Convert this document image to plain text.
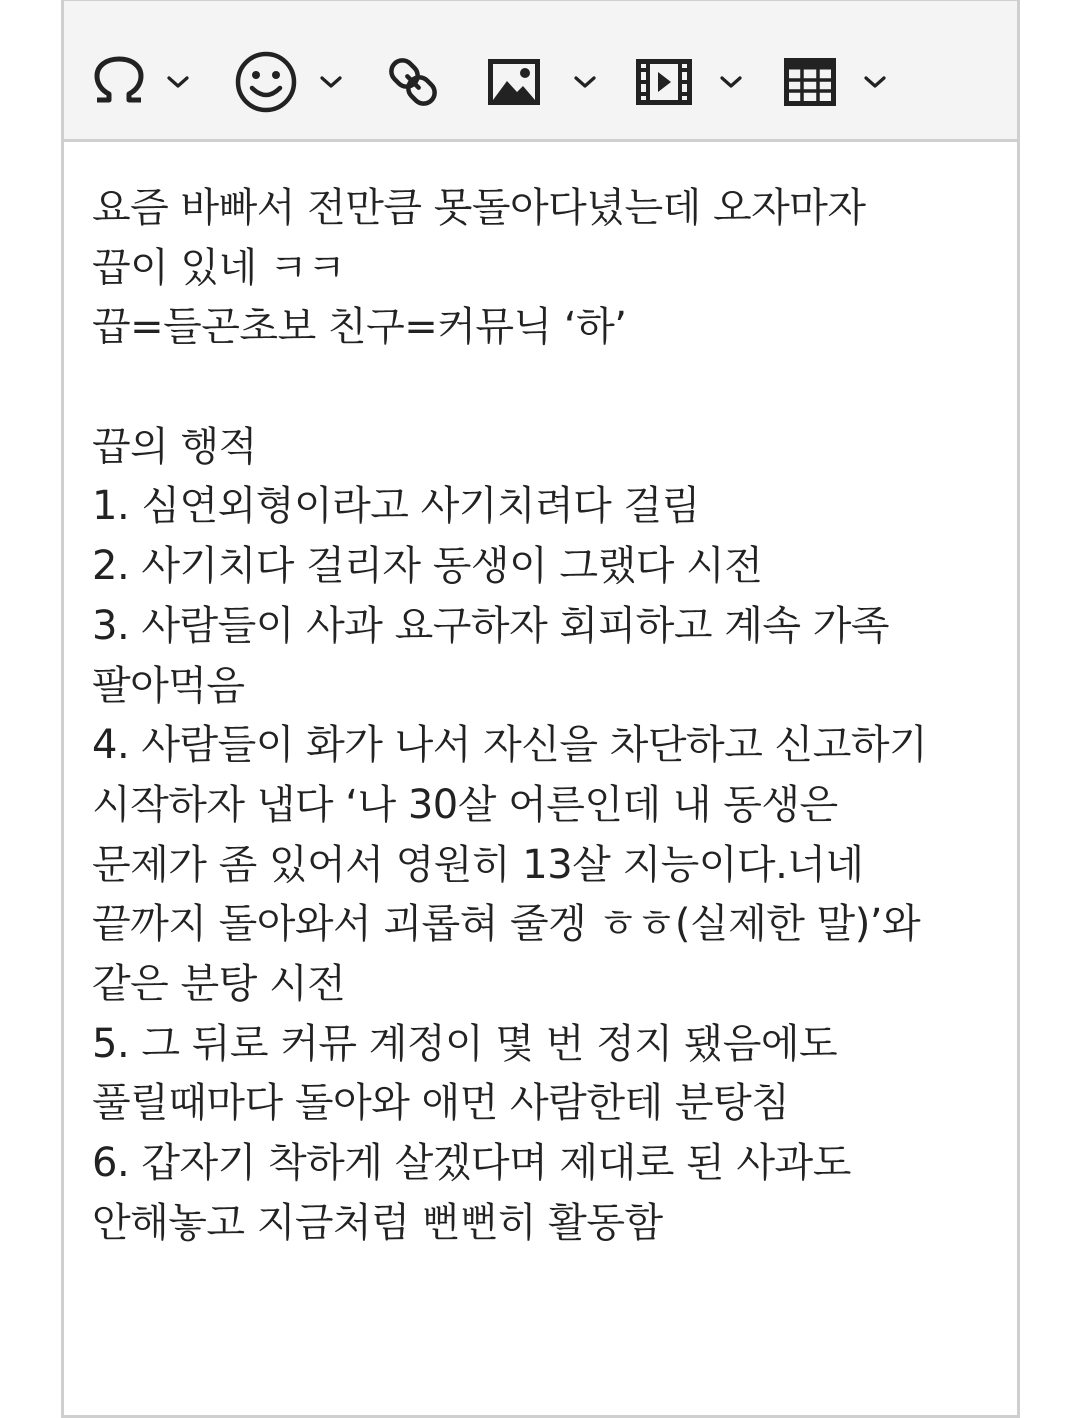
요즘 바빠서 전만큼 못돌아다녔는데 오자마자
끕이 있네 ㅋㅋ
끕=들곤초보 친구=커뮤닉 ‘하’
끕의 행적
1. 심연외형이라고 사기치려다 걸림
2. 사기치다 걸리자 동생이 그랬다 시전
3. 사람들이 사과 요구하자 회피하고 계속 가족
팔아먹음
4. 사람들이 화가 나서 자신을 차단하고 신고하기
시작하자 냅다 ‘나 30살 어른인데 내 동생은
문제가 좀 있어서 영원히 13살 지능이다.너네
끝까지 돌아와서 괴롭혀 줄겡 ㅎㅎ(실제한 말)’와
같은 분탕 시전
5. 그 뒤로 커뮤 계정이 몇 번 정지 됐음에도
풀릴때마다 돌아와 애먼 사람한테 분탕침
6. 갑자기 착하게 살겠다며 제대로 된 사과도
안해놓고 지금처럼 뻔뻔히 활동함
